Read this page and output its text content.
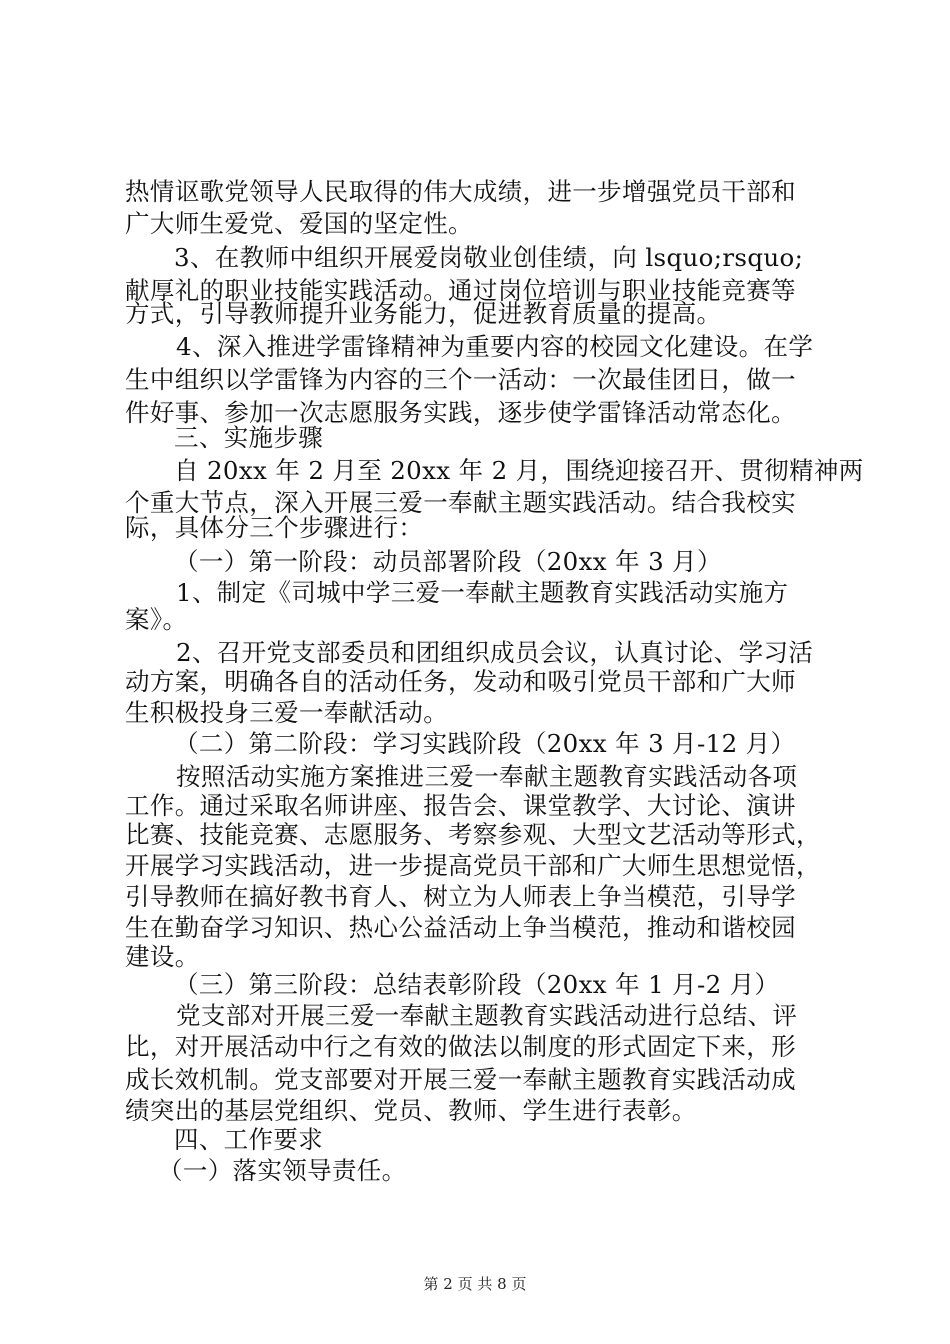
热情讴歌党领导人民取得的伟大成绩，进一步增强党员干部和
广大师生爱党、爱国的坚定性。
3、在教师中组织开展爱岗敬业创佳绩，向 lsquo;rsquo;
献厚礼的职业技能实践活动。通过岗位培训与职业技能竞赛等
方式，引导教师提升业务能力，促进教育质量的提高。
4、深入推进学雷锋精神为重要内容的校园文化建设。在学
生中组织以学雷锋为内容的三个一活动：一次最佳团日，做一
件好事、参加一次志愿服务实践，逐步使学雷锋活动常态化。
三、实施步骤
自 20xx 年 2 月至 20xx 年 2 月，围绕迎接召开、贯彻精神两
个重大节点，深入开展三爱一奉献主题实践活动。结合我校实
际，具体分三个步骤进行：
（一）第一阶段：动员部署阶段（20xx 年 3 月）
1、制定《司城中学三爱一奉献主题教育实践活动实施方
案》。
2、召开党支部委员和团组织成员会议，认真讨论、学习活
动方案，明确各自的活动任务，发动和吸引党员干部和广大师
生积极投身三爱一奉献活动。
（二）第二阶段：学习实践阶段（20xx 年 3 月-12 月）
按照活动实施方案推进三爱一奉献主题教育实践活动各项
工作。通过采取名师讲座、报告会、课堂教学、大讨论、演讲
比赛、技能竞赛、志愿服务、考察参观、大型文艺活动等形式，
开展学习实践活动，进一步提高党员干部和广大师生思想觉悟，
引导教师在搞好教书育人、树立为人师表上争当模范，引导学
生在勤奋学习知识、热心公益活动上争当模范，推动和谐校园
建设。
（三）第三阶段：总结表彰阶段（20xx 年 1 月-2 月）
党支部对开展三爱一奉献主题教育实践活动进行总结、评
比，对开展活动中行之有效的做法以制度的形式固定下来，形
成长效机制。党支部要对开展三爱一奉献主题教育实践活动成
绩突出的基层党组织、党员、教师、学生进行表彰。
四、工作要求
（一）落实领导责任。
第 2 页 共 8 页
